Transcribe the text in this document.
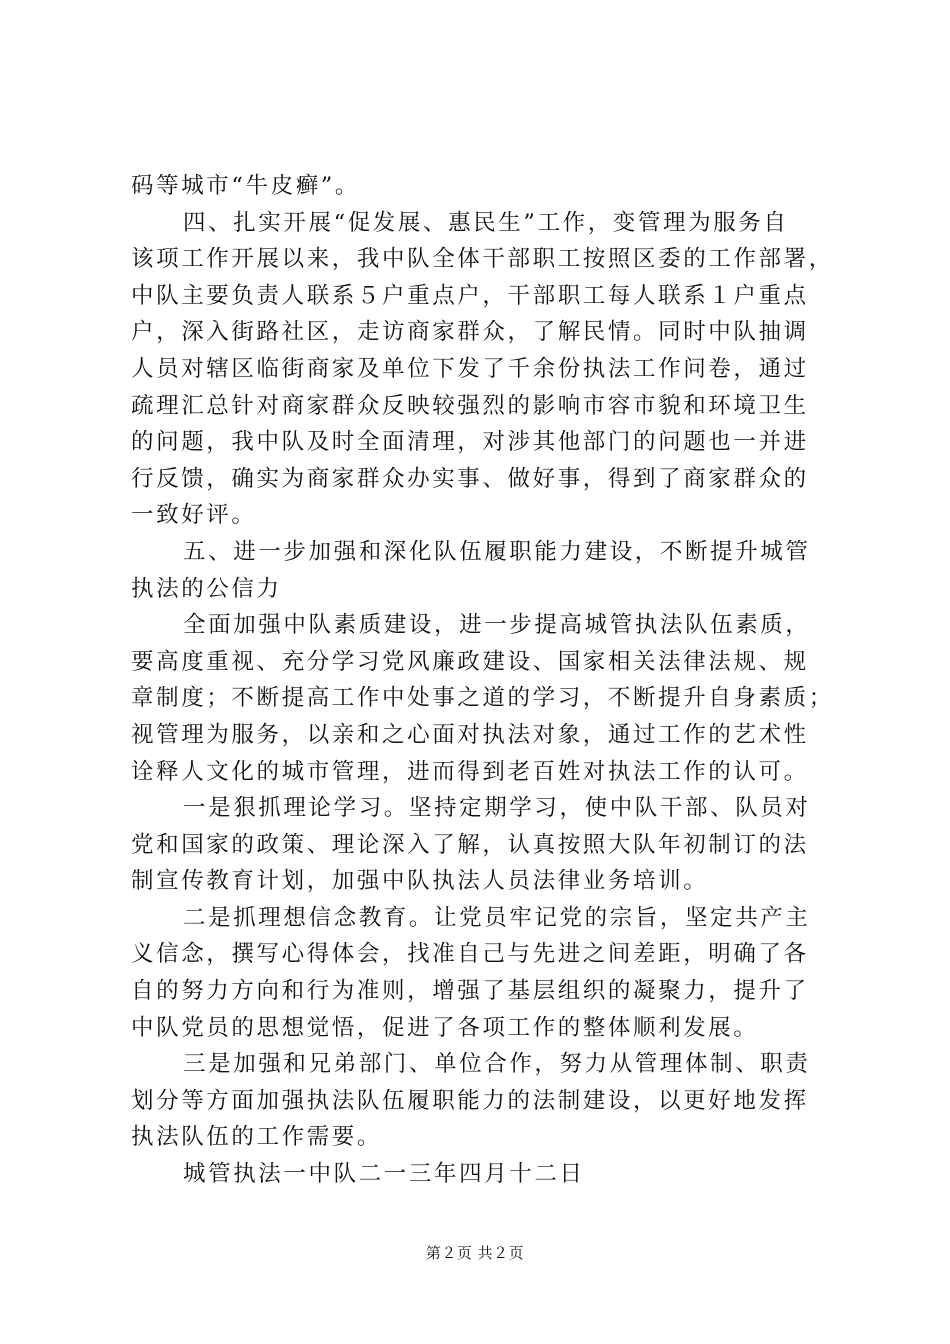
码等城市“牛皮癣”。
四、扎实开展“促发展、惠民生”工作，变管理为服务自
该项工作开展以来，我中队全体干部职工按照区委的工作部署，
中队主要负责人联系５户重点户，干部职工每人联系１户重点
户，深入街路社区，走访商家群众，了解民情。同时中队抽调
人员对辖区临街商家及单位下发了千余份执法工作问卷，通过
疏理汇总针对商家群众反映较强烈的影响市容市貌和环境卫生
的问题，我中队及时全面清理，对涉其他部门的问题也一并进
行反馈，确实为商家群众办实事、做好事，得到了商家群众的
一致好评。
五、进一步加强和深化队伍履职能力建设，不断提升城管
执法的公信力
全面加强中队素质建设，进一步提高城管执法队伍素质，
要高度重视、充分学习党风廉政建设、国家相关法律法规、规
章制度；不断提高工作中处事之道的学习，不断提升自身素质；
视管理为服务，以亲和之心面对执法对象，通过工作的艺术性
诠释人文化的城市管理，进而得到老百姓对执法工作的认可。
一是狠抓理论学习。坚持定期学习，使中队干部、队员对
党和国家的政策、理论深入了解，认真按照大队年初制订的法
制宣传教育计划，加强中队执法人员法律业务培训。
二是抓理想信念教育。让党员牢记党的宗旨，坚定共产主
义信念，撰写心得体会，找准自己与先进之间差距，明确了各
自的努力方向和行为准则，增强了基层组织的凝聚力，提升了
中队党员的思想觉悟，促进了各项工作的整体顺利发展。
三是加强和兄弟部门、单位合作，努力从管理体制、职责
划分等方面加强执法队伍履职能力的法制建设，以更好地发挥
执法队伍的工作需要。
城管执法一中队二一三年四月十二日
第２页 共２页
